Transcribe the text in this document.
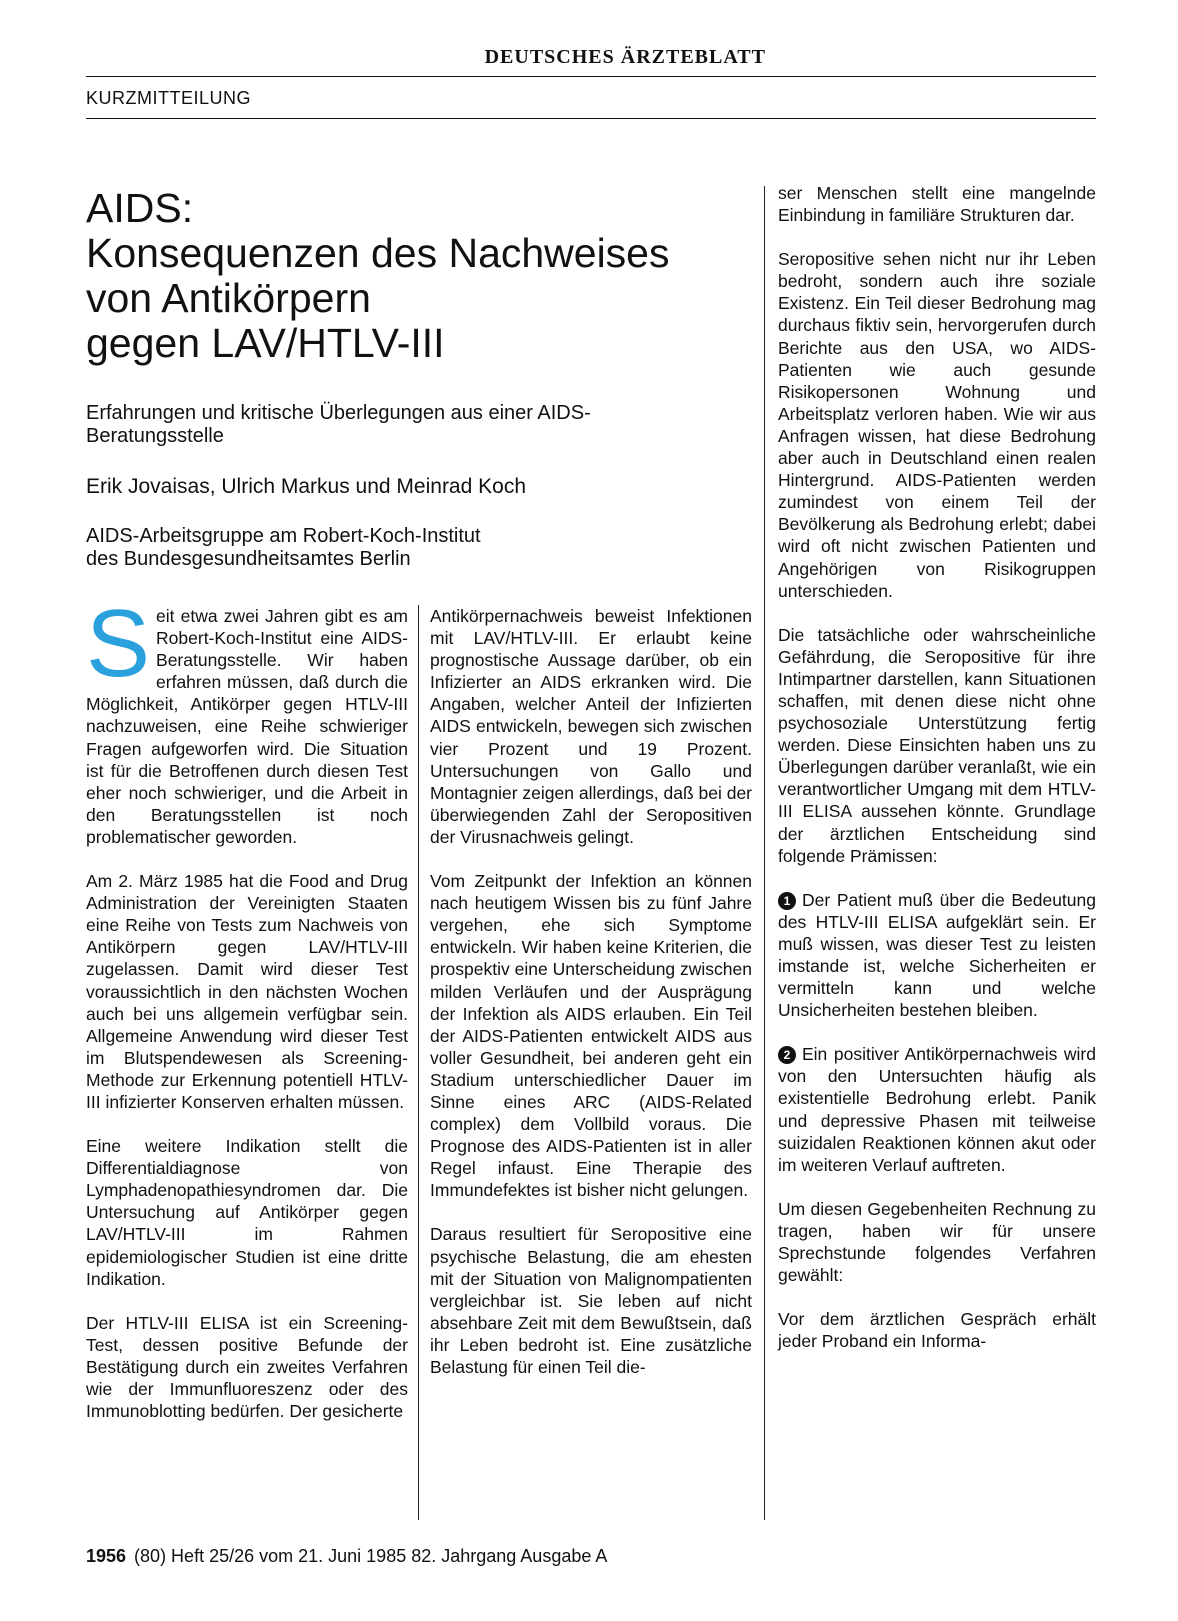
DEUTSCHES ÄRZTEBLATT
KURZMITTEILUNG
AIDS:
Konsequenzen des Nachweises
von Antikörpern
gegen LAV/HTLV-III
Erfahrungen und kritische Überlegungen aus einer AIDS-Beratungsstelle
Erik Jovaisas, Ulrich Markus und Meinrad Koch
AIDS-Arbeitsgruppe am Robert-Koch-Institut
des Bundesgesundheitsamtes Berlin

Seit etwa zwei Jahren gibt es am Robert-Koch-Institut eine AIDS-Beratungsstelle. Wir haben erfahren müssen, daß durch die Möglichkeit, Antikörper gegen HTLV-III nachzuweisen, eine Reihe schwieriger Fragen aufgeworfen wird. Die Situation ist für die Betroffenen durch diesen Test eher noch schwieriger, und die Arbeit in den Beratungsstellen ist noch problematischer geworden.

Am 2. März 1985 hat die Food and Drug Administration der Vereinigten Staaten eine Reihe von Tests zum Nachweis von Antikörpern gegen LAV/HTLV-III zugelassen. Damit wird dieser Test voraussichtlich in den nächsten Wochen auch bei uns allgemein verfügbar sein. Allgemeine Anwendung wird dieser Test im Blutspendewesen als Screening-Methode zur Erkennung potentiell HTLV-III infizierter Konserven erhalten müssen.

Eine weitere Indikation stellt die Differentialdiagnose von Lymphadenopathiesyndromen dar. Die Untersuchung auf Antikörper gegen LAV/HTLV-III im Rahmen epidemiologischer Studien ist eine dritte Indikation.

Der HTLV-III ELISA ist ein Screening-Test, dessen positive Befunde der Bestätigung durch ein zweites Verfahren wie der Immunfluoreszenz oder des Immunoblotting bedürfen. Der gesicherte

Antikörpernachweis beweist Infektionen mit LAV/HTLV-III. Er erlaubt keine prognostische Aussage darüber, ob ein Infizierter an AIDS erkranken wird. Die Angaben, welcher Anteil der Infizierten AIDS entwickeln, bewegen sich zwischen vier Prozent und 19 Prozent. Untersuchungen von Gallo und Montagnier zeigen allerdings, daß bei der überwiegenden Zahl der Seropositiven der Virusnachweis gelingt.

Vom Zeitpunkt der Infektion an können nach heutigem Wissen bis zu fünf Jahre vergehen, ehe sich Symptome entwickeln. Wir haben keine Kriterien, die prospektiv eine Unterscheidung zwischen milden Verläufen und der Ausprägung der Infektion als AIDS erlauben. Ein Teil der AIDS-Patienten entwickelt AIDS aus voller Gesundheit, bei anderen geht ein Stadium unterschiedlicher Dauer im Sinne eines ARC (AIDS-Related complex) dem Vollbild voraus. Die Prognose des AIDS-Patienten ist in aller Regel infaust. Eine Therapie des Immundefektes ist bisher nicht gelungen.

Daraus resultiert für Seropositive eine psychische Belastung, die am ehesten mit der Situation von Malignompatienten vergleichbar ist. Sie leben auf nicht absehbare Zeit mit dem Bewußtsein, daß ihr Leben bedroht ist. Eine zusätzliche Belastung für einen Teil die-

ser Menschen stellt eine mangelnde Einbindung in familiäre Strukturen dar.

Seropositive sehen nicht nur ihr Leben bedroht, sondern auch ihre soziale Existenz. Ein Teil dieser Bedrohung mag durchaus fiktiv sein, hervorgerufen durch Berichte aus den USA, wo AIDS-Patienten wie auch gesunde Risikopersonen Wohnung und Arbeitsplatz verloren haben. Wie wir aus Anfragen wissen, hat diese Bedrohung aber auch in Deutschland einen realen Hintergrund. AIDS-Patienten werden zumindest von einem Teil der Bevölkerung als Bedrohung erlebt; dabei wird oft nicht zwischen Patienten und Angehörigen von Risikogruppen unterschieden.

Die tatsächliche oder wahrscheinliche Gefährdung, die Seropositive für ihre Intimpartner darstellen, kann Situationen schaffen, mit denen diese nicht ohne psychosoziale Unterstützung fertig werden. Diese Einsichten haben uns zu Überlegungen darüber veranlaßt, wie ein verantwortlicher Umgang mit dem HTLV-III ELISA aussehen könnte. Grundlage der ärztlichen Entscheidung sind folgende Prämissen:

1 Der Patient muß über die Bedeutung des HTLV-III ELISA aufgeklärt sein. Er muß wissen, was dieser Test zu leisten imstande ist, welche Sicherheiten er vermitteln kann und welche Unsicherheiten bestehen bleiben.

2 Ein positiver Antikörpernachweis wird von den Untersuchten häufig als existentielle Bedrohung erlebt. Panik und depressive Phasen mit teilweise suizidalen Reaktionen können akut oder im weiteren Verlauf auftreten.

Um diesen Gegebenheiten Rechnung zu tragen, haben wir für unsere Sprechstunde folgendes Verfahren gewählt:

Vor dem ärztlichen Gespräch erhält jeder Proband ein Informa-

1956 (80) Heft 25/26 vom 21. Juni 1985 82. Jahrgang Ausgabe A
